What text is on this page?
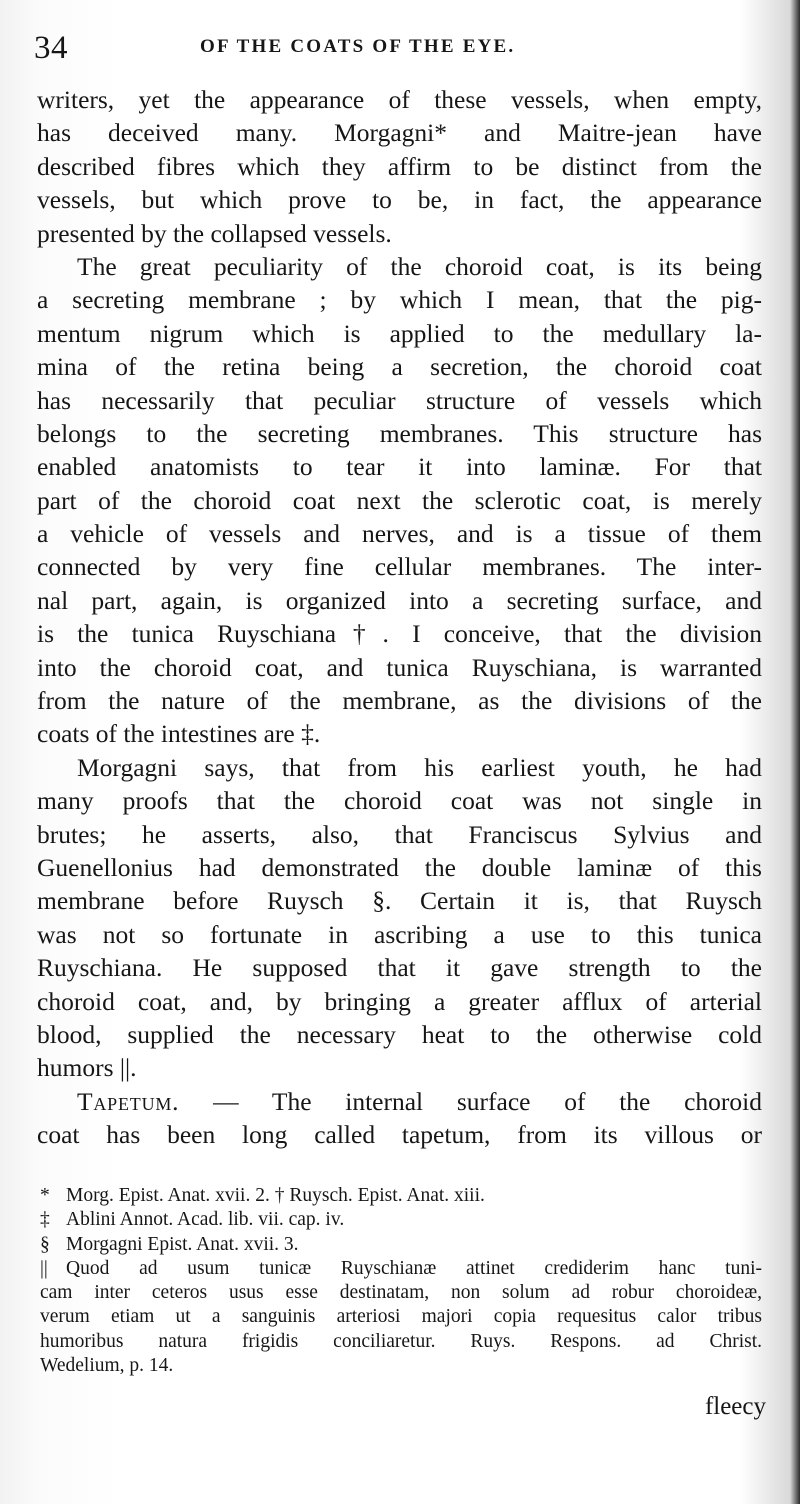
34	OF THE COATS OF THE EYE.
writers, yet the appearance of these vessels, when empty,
has deceived many. Morgagni* and Maitre-jean have
described fibres which they affirm to be distinct from the
vessels, but which prove to be, in fact, the appearance
presented by the collapsed vessels.
The great peculiarity of the choroid coat, is its being
a secreting membrane ; by which I mean, that the pig-
mentum nigrum which is applied to the medullary la-
mina of the retina being a secretion, the choroid coat
has necessarily that peculiar structure of vessels which
belongs to the secreting membranes. This structure has
enabled anatomists to tear it into laminæ. For that
part of the choroid coat next the sclerotic coat, is merely
a vehicle of vessels and nerves, and is a tissue of them
connected by very fine cellular membranes. The inter-
nal part, again, is organized into a secreting surface, and
is the tunica Ruyschiana†. I conceive, that the division
into the choroid coat, and tunica Ruyschiana, is warranted
from the nature of the membrane, as the divisions of the
coats of the intestines are ‡.
Morgagni says, that from his earliest youth, he had
many proofs that the choroid coat was not single in
brutes; he asserts, also, that Franciscus Sylvius and
Guenellonius had demonstrated the double laminæ of this
membrane before Ruysch §. Certain it is, that Ruysch
was not so fortunate in ascribing a use to this tunica
Ruyschiana. He supposed that it gave strength to the
choroid coat, and, by bringing a greater afflux of arterial
blood, supplied the necessary heat to the otherwise cold
humors ||.
Tapetum. — The internal surface of the choroid
coat has been long called tapetum, from its villous or
* Morg. Epist. Anat. xvii. 2. † Ruysch. Epist. Anat. xiii.
‡ Ablini Annot. Acad. lib. vii. cap. iv.
§ Morgagni Epist. Anat. xvii. 3.
|| Quod ad usum tunicæ Ruyschianæ attinet crediderim hanc tuni-
cam inter ceteros usus esse destinatam, non solum ad robur choroideæ,
verum etiam ut a sanguinis arteriosi majori copia requesitus calor tribus
humoribus natura frigidis conciliaretur. Ruys. Respons. ad Christ.
Wedelium, p. 14.
fleecy
